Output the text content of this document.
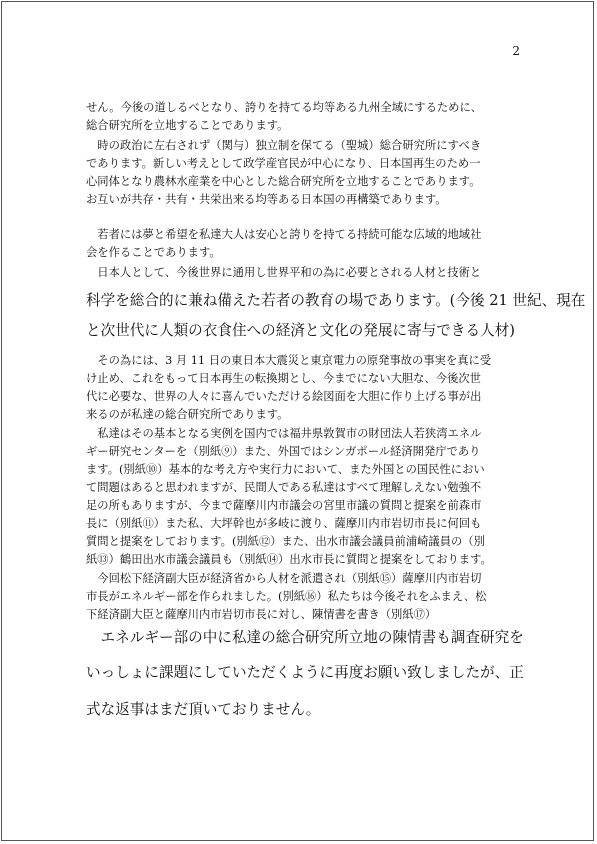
2
せん。今後の道しるべとなり、誇りを持てる均等ある九州全域にするために、
総合研究所を立地することであります。
　時の政治に左右されず（関与）独立制を保てる（聖城）総合研究所にすべき
であります。新しい考えとして政学産官民が中心になり、日本国再生のため一
心同体となり農林水産業を中心とした総合研究所を立地することであります。
お互いが共存・共有・共栄出来る均等ある日本国の再構築であります。
　若者には夢と希望を私達大人は安心と誇りを持てる持続可能な広域的地域社
会を作ることであります。
　日本人として、今後世界に通用し世界平和の為に必要とされる人材と技術と
科学を総合的に兼ね備えた若者の教育の場であります。(今後 21 世紀、現在
と次世代に人類の衣食住への経済と文化の発展に寄与できる人材)
　その為には、3 月 11 日の東日本大震災と東京電力の原発事故の事実を真に受
け止め、これをもって日本再生の転換期とし、今までにない大胆な、今後次世
代に必要な、世界の人々に喜んでいただける絵図面を大胆に作り上げる事が出
来るのが私達の総合研究所であります。
　私達はその基本となる実例を国内では福井県敦賀市の財団法人若狭湾エネル
ギー研究センターを（別紙⑨）また、外国ではシンガポール経済開発庁であり
ます。(別紙⑩）基本的な考え方や実行力において、また外国との国民性におい
て問題はあると思われますが、民間人である私達はすべて理解しえない勉強不
足の所もありますが、今まで薩摩川内市議会の宮里市議の質問と提案を前森市
長に（別紙⑪）また私、大坪幹也が多岐に渡り、薩摩川内市岩切市長に何回も
質問と提案をしております。(別紙⑫）また、出水市議会議員前浦崎議員の（別
紙⑬）鶴田出水市議会議員も（別紙⑭）出水市長に質問と提案をしております。
　今回松下経済副大臣が経済省から人材を派遣され（別紙⑮）薩摩川内市岩切
市長がエネルギー部を作られました。(別紙⑯）私たちは今後それをふまえ、松
下経済副大臣と薩摩川内市岩切市長に対し、陳情書を書き（別紙⑰）
　エネルギー部の中に私達の総合研究所立地の陳情書も調査研究を
いっしょに課題にしていただくように再度お願い致しましたが、正
式な返事はまだ頂いておりません。
